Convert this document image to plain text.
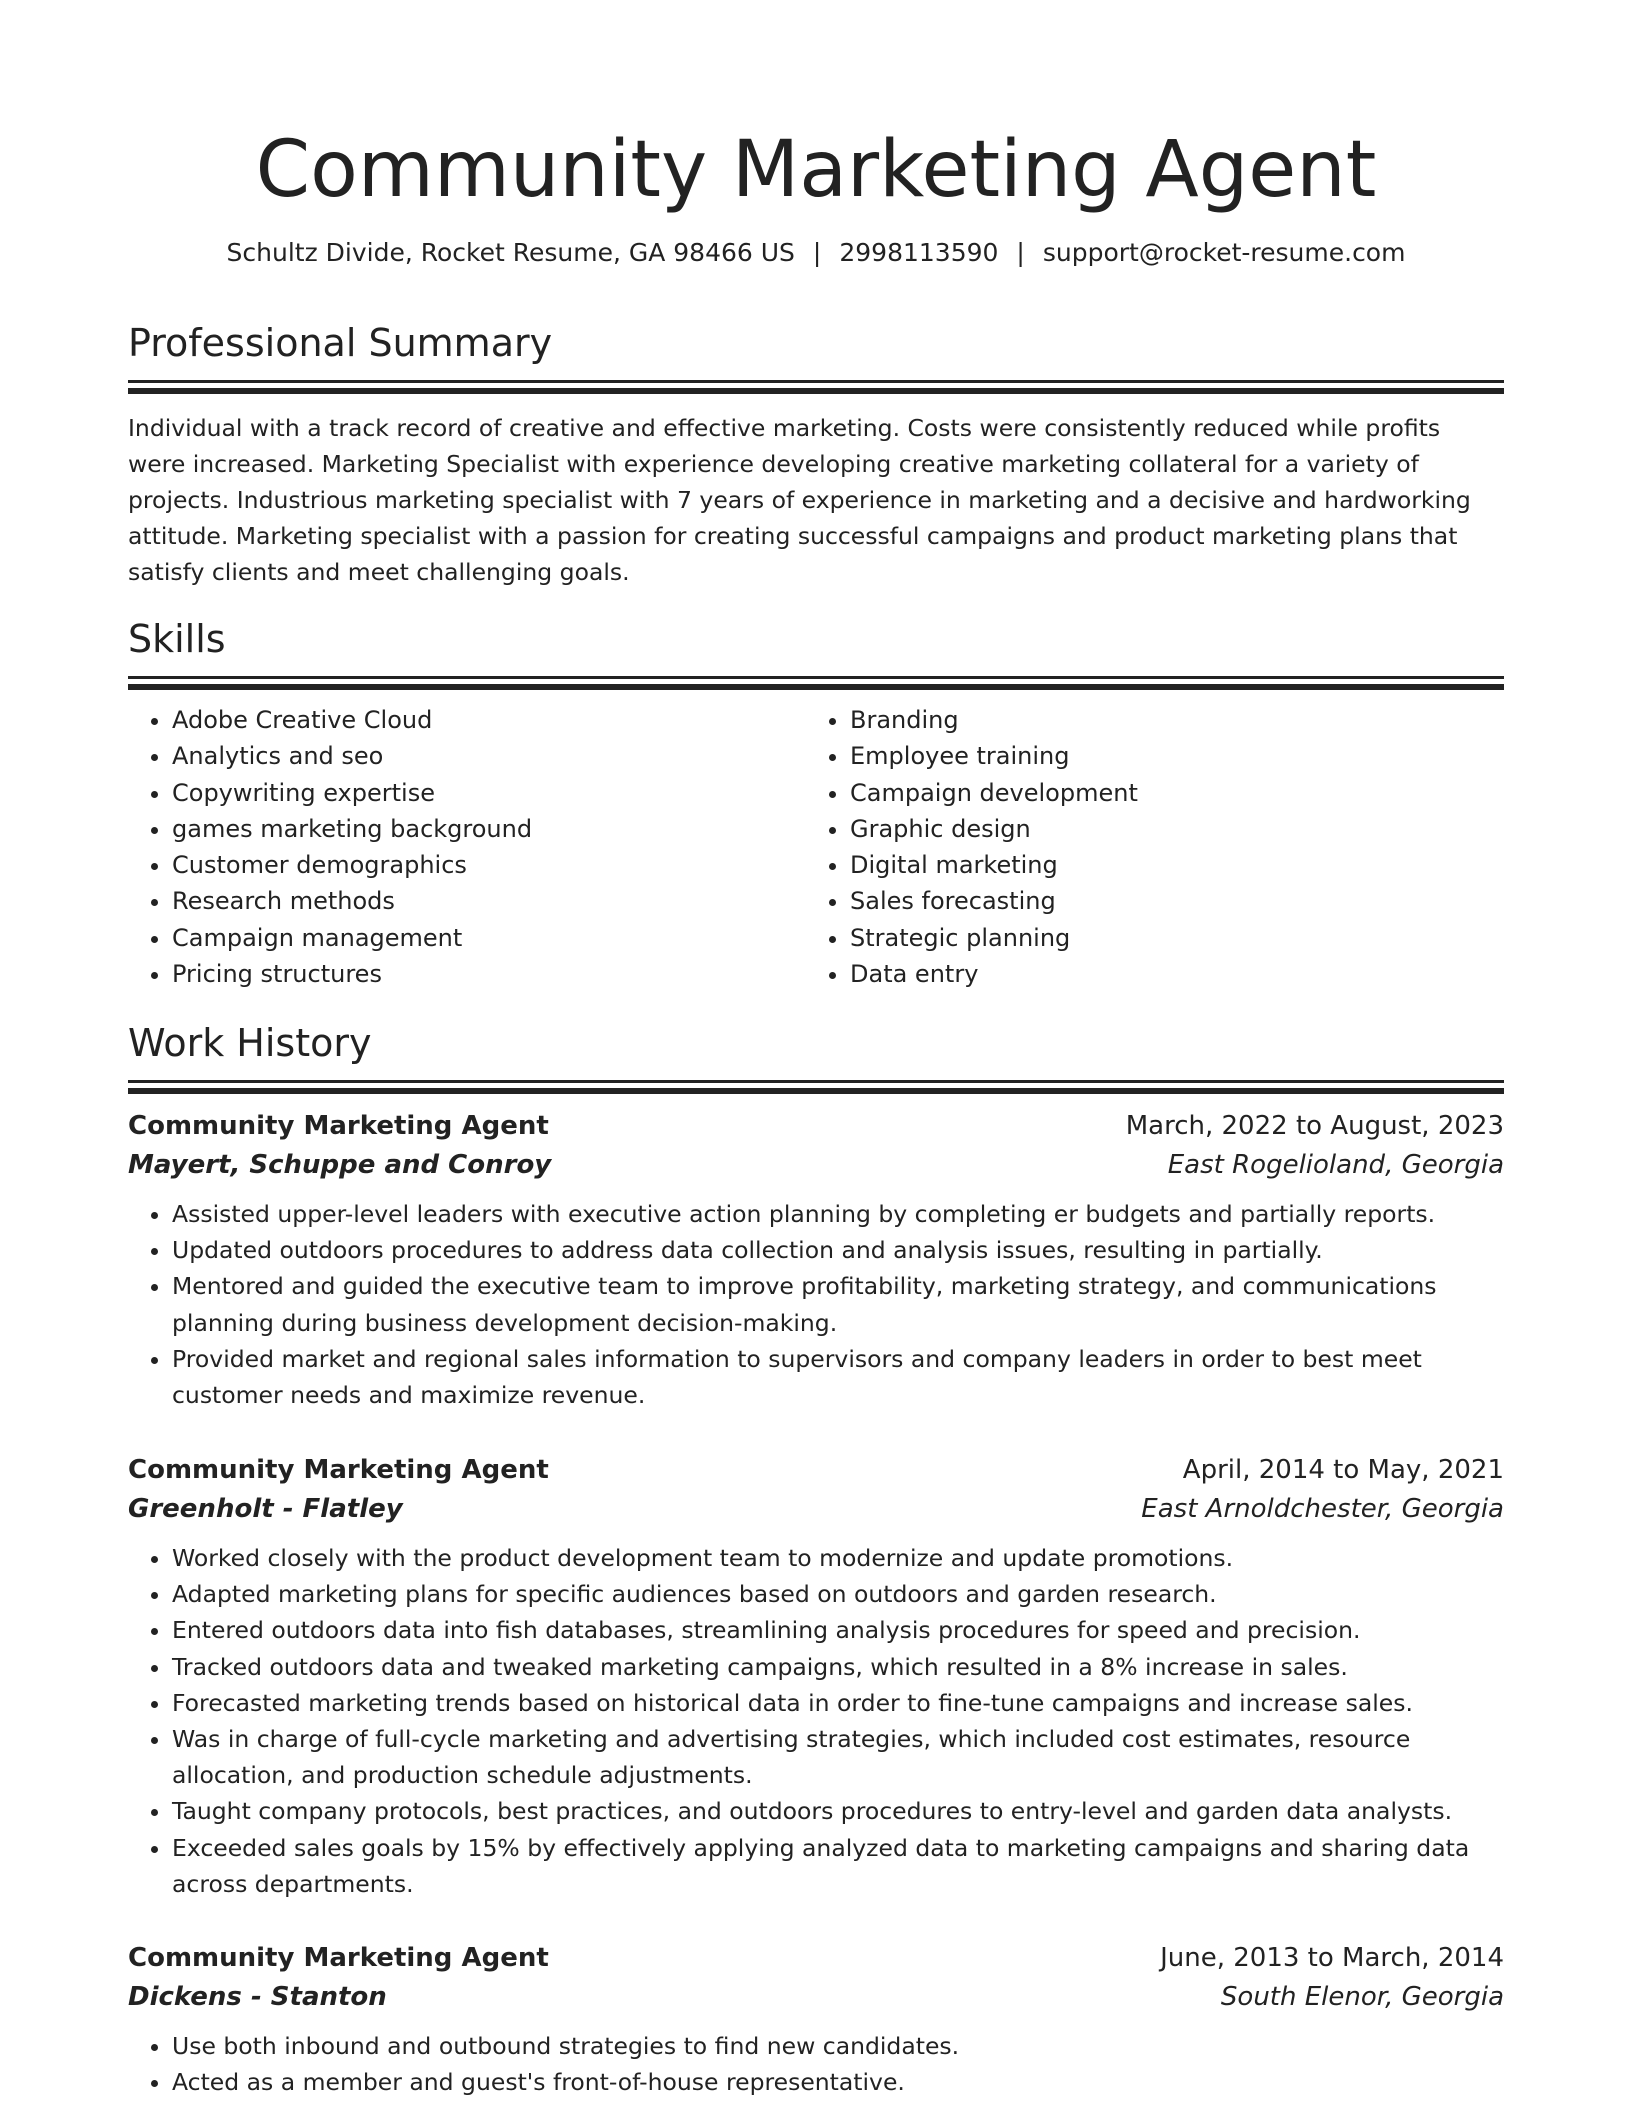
Community Marketing Agent
Schultz Divide, Rocket Resume, GA 98466 US | 2998113590 | support@rocket-resume.com
Professional Summary

Individual with a track record of creative and effective marketing. Costs were consistently reduced while profits were increased. Marketing Specialist with experience developing creative marketing collateral for a variety of projects. Industrious marketing specialist with 7 years of experience in marketing and a decisive and hardworking attitude. Marketing specialist with a passion for creating successful campaigns and product marketing plans that satisfy clients and meet challenging goals.

Skills
• Adobe Creative Cloud
• Analytics and seo
• Copywriting expertise
• games marketing background
• Customer demographics
• Research methods
• Campaign management
• Pricing structures
• Branding
• Employee training
• Campaign development
• Graphic design
• Digital marketing
• Sales forecasting
• Strategic planning
• Data entry
Work History
Community Marketing Agent	March, 2022 to August, 2023
Mayert, Schuppe and Conroy	East Rogelioland, Georgia
• Assisted upper-level leaders with executive action planning by completing er budgets and partially reports.
• Updated outdoors procedures to address data collection and analysis issues, resulting in partially.
• Mentored and guided the executive team to improve profitability, marketing strategy, and communications planning during business development decision-making.
• Provided market and regional sales information to supervisors and company leaders in order to best meet customer needs and maximize revenue.
Community Marketing Agent	April, 2014 to May, 2021
Greenholt - Flatley	East Arnoldchester, Georgia
• Worked closely with the product development team to modernize and update promotions.
• Adapted marketing plans for specific audiences based on outdoors and garden research.
• Entered outdoors data into fish databases, streamlining analysis procedures for speed and precision.
• Tracked outdoors data and tweaked marketing campaigns, which resulted in a 8% increase in sales.
• Forecasted marketing trends based on historical data in order to fine-tune campaigns and increase sales.
• Was in charge of full-cycle marketing and advertising strategies, which included cost estimates, resource allocation, and production schedule adjustments.
• Taught company protocols, best practices, and outdoors procedures to entry-level and garden data analysts.
• Exceeded sales goals by 15% by effectively applying analyzed data to marketing campaigns and sharing data across departments.
Community Marketing Agent	June, 2013 to March, 2014
Dickens - Stanton	South Elenor, Georgia
• Use both inbound and outbound strategies to find new candidates.
• Acted as a member and guest's front-of-house representative.
